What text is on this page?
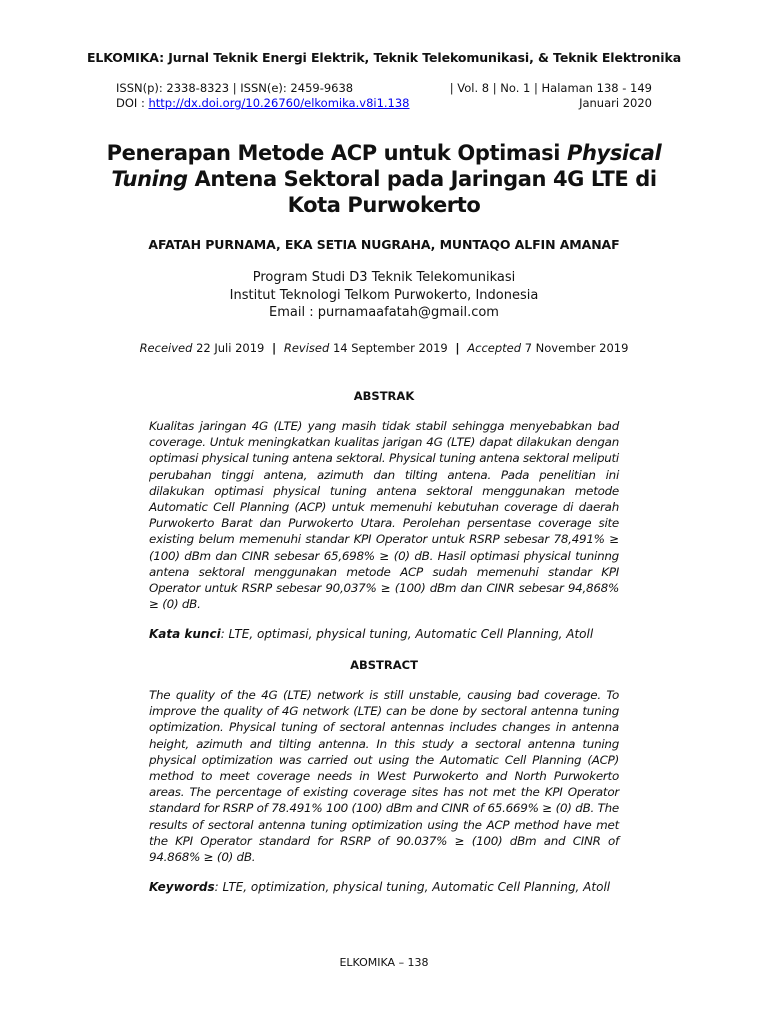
ELKOMIKA: Jurnal Teknik Energi Elektrik, Teknik Telekomunikasi, & Teknik Elektronika
ISSN(p): 2338-8323 | ISSN(e): 2459-9638
DOI : http://dx.doi.org/10.26760/elkomika.v8i1.138
| Vol. 8 | No. 1 | Halaman 138 - 149
Januari 2020
Penerapan Metode ACP untuk Optimasi Physical Tuning Antena Sektoral pada Jaringan 4G LTE di Kota Purwokerto
AFATAH PURNAMA, EKA SETIA NUGRAHA, MUNTAQO ALFIN AMANAF
Program Studi D3 Teknik Telekomunikasi
Institut Teknologi Telkom Purwokerto, Indonesia
Email : purnamaafatah@gmail.com
Received 22 Juli 2019 | Revised 14 September 2019 | Accepted 7 November 2019
ABSTRAK

Kualitas jaringan 4G (LTE) yang masih tidak stabil sehingga menyebabkan bad coverage. Untuk meningkatkan kualitas jarigan 4G (LTE) dapat dilakukan dengan optimasi physical tuning antena sektoral. Physical tuning antena sektoral meliputi perubahan tinggi antena, azimuth dan tilting antena. Pada penelitian ini dilakukan optimasi physical tuning antena sektoral menggunakan metode Automatic Cell Planning (ACP) untuk memenuhi kebutuhan coverage di daerah Purwokerto Barat dan Purwokerto Utara. Perolehan persentase coverage site existing belum memenuhi standar KPI Operator untuk RSRP sebesar 78,491% ≥ (100) dBm dan CINR sebesar 65,698% ≥ (0) dB. Hasil optimasi physical tuninng antena sektoral menggunakan metode ACP sudah memenuhi standar KPI Operator untuk RSRP sebesar 90,037% ≥ (100) dBm dan CINR sebesar 94,868% ≥ (0) dB.

Kata kunci: LTE, optimasi, physical tuning, Automatic Cell Planning, Atoll
ABSTRACT

The quality of the 4G (LTE) network is still unstable, causing bad coverage. To improve the quality of 4G network (LTE) can be done by sectoral antenna tuning optimization. Physical tuning of sectoral antennas includes changes in antenna height, azimuth and tilting antenna. In this study a sectoral antenna tuning physical optimization was carried out using the Automatic Cell Planning (ACP) method to meet coverage needs in West Purwokerto and North Purwokerto areas. The percentage of existing coverage sites has not met the KPI Operator standard for RSRP of 78.491% 100 (100) dBm and CINR of 65.669% ≥ (0) dB. The results of sectoral antenna tuning optimization using the ACP method have met the KPI Operator standard for RSRP of 90.037% ≥ (100) dBm and CINR of 94.868% ≥ (0) dB.

Keywords: LTE, optimization, physical tuning, Automatic Cell Planning, Atoll
ELKOMIKA – 138
